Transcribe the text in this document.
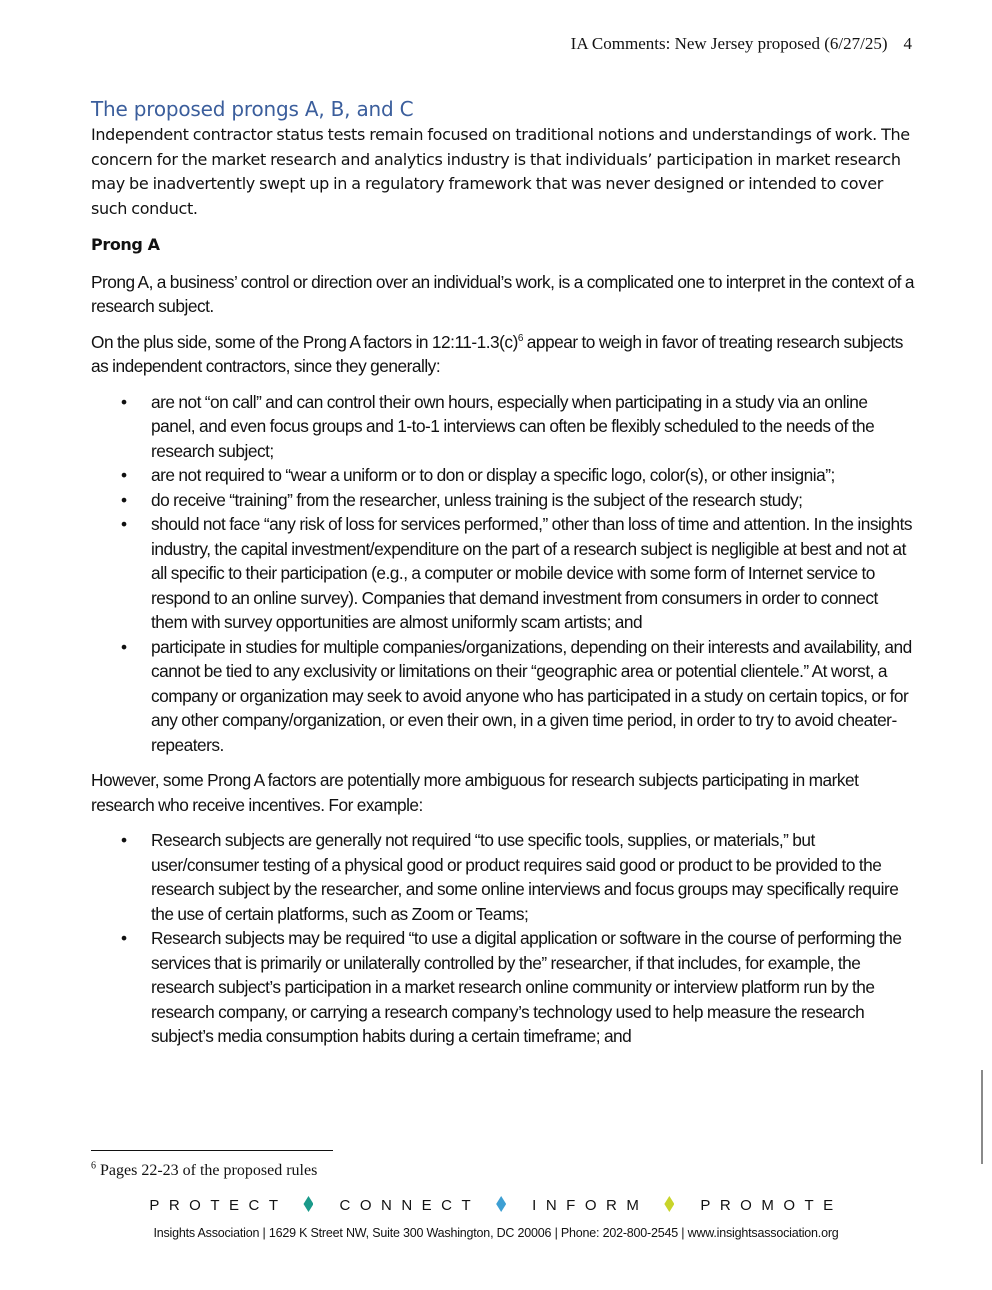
IA Comments: New Jersey proposed (6/27/25) 4
The proposed prongs A, B, and C

Independent contractor status tests remain focused on traditional notions and understandings of work. The concern for the market research and analytics industry is that individuals’ participation in market research may be inadvertently swept up in a regulatory framework that was never designed or intended to cover such conduct.

Prong A

Prong A, a business’ control or direction over an individual’s work, is a complicated one to interpret in the context of a research subject.

On the plus side, some of the Prong A factors in $12:11-1.3(c)^6$ appear to weigh in favor of treating research subjects as independent contractors, since they generally:

• are not “on call” and can control their own hours, especially when participating in a study via an online panel, and even focus groups and 1-to-1 interviews can often be flexibly scheduled to the needs of the research subject;
• are not required to “wear a uniform or to don or display a specific logo, color(s), or other insignia”;
• do receive “training” from the researcher, unless training is the subject of the research study;
• should not face “any risk of loss for services performed,” other than loss of time and attention. In the insights industry, the capital investment/expenditure on the part of a research subject is negligible at best and not at all specific to their participation (e.g., a computer or mobile device with some form of Internet service to respond to an online survey). Companies that demand investment from consumers in order to connect them with survey opportunities are almost uniformly scam artists; and
• participate in studies for multiple companies/organizations, depending on their interests and availability, and cannot be tied to any exclusivity or limitations on their “geographic area or potential clientele.” At worst, a company or organization may seek to avoid anyone who has participated in a study on certain topics, or for any other company/organization, or even their own, in a given time period, in order to try to avoid cheater-repeaters.

However, some Prong A factors are potentially more ambiguous for research subjects participating in market research who receive incentives. For example:

• Research subjects are generally not required “to use specific tools, supplies, or materials,” but user/consumer testing of a physical good or product requires said good or product to be provided to the research subject by the researcher, and some online interviews and focus groups may specifically require the use of certain platforms, such as Zoom or Teams;
• Research subjects may be required “to use a digital application or software in the course of performing the services that is primarily or unilaterally controlled by the” researcher, if that includes, for example, the research subject’s participation in a market research online community or interview platform run by the research company, or carrying a research company’s technology used to help measure the research subject’s media consumption habits during a certain timeframe; and
$^6$ Pages 22-23 of the proposed rules
PROTECT	CONNECT	INFORM	PROMOTE
Insights Association | 1629 K Street NW, Suite 300 Washington, DC 20006 | Phone: 202-800-2545 | www.insightsassociation.org
